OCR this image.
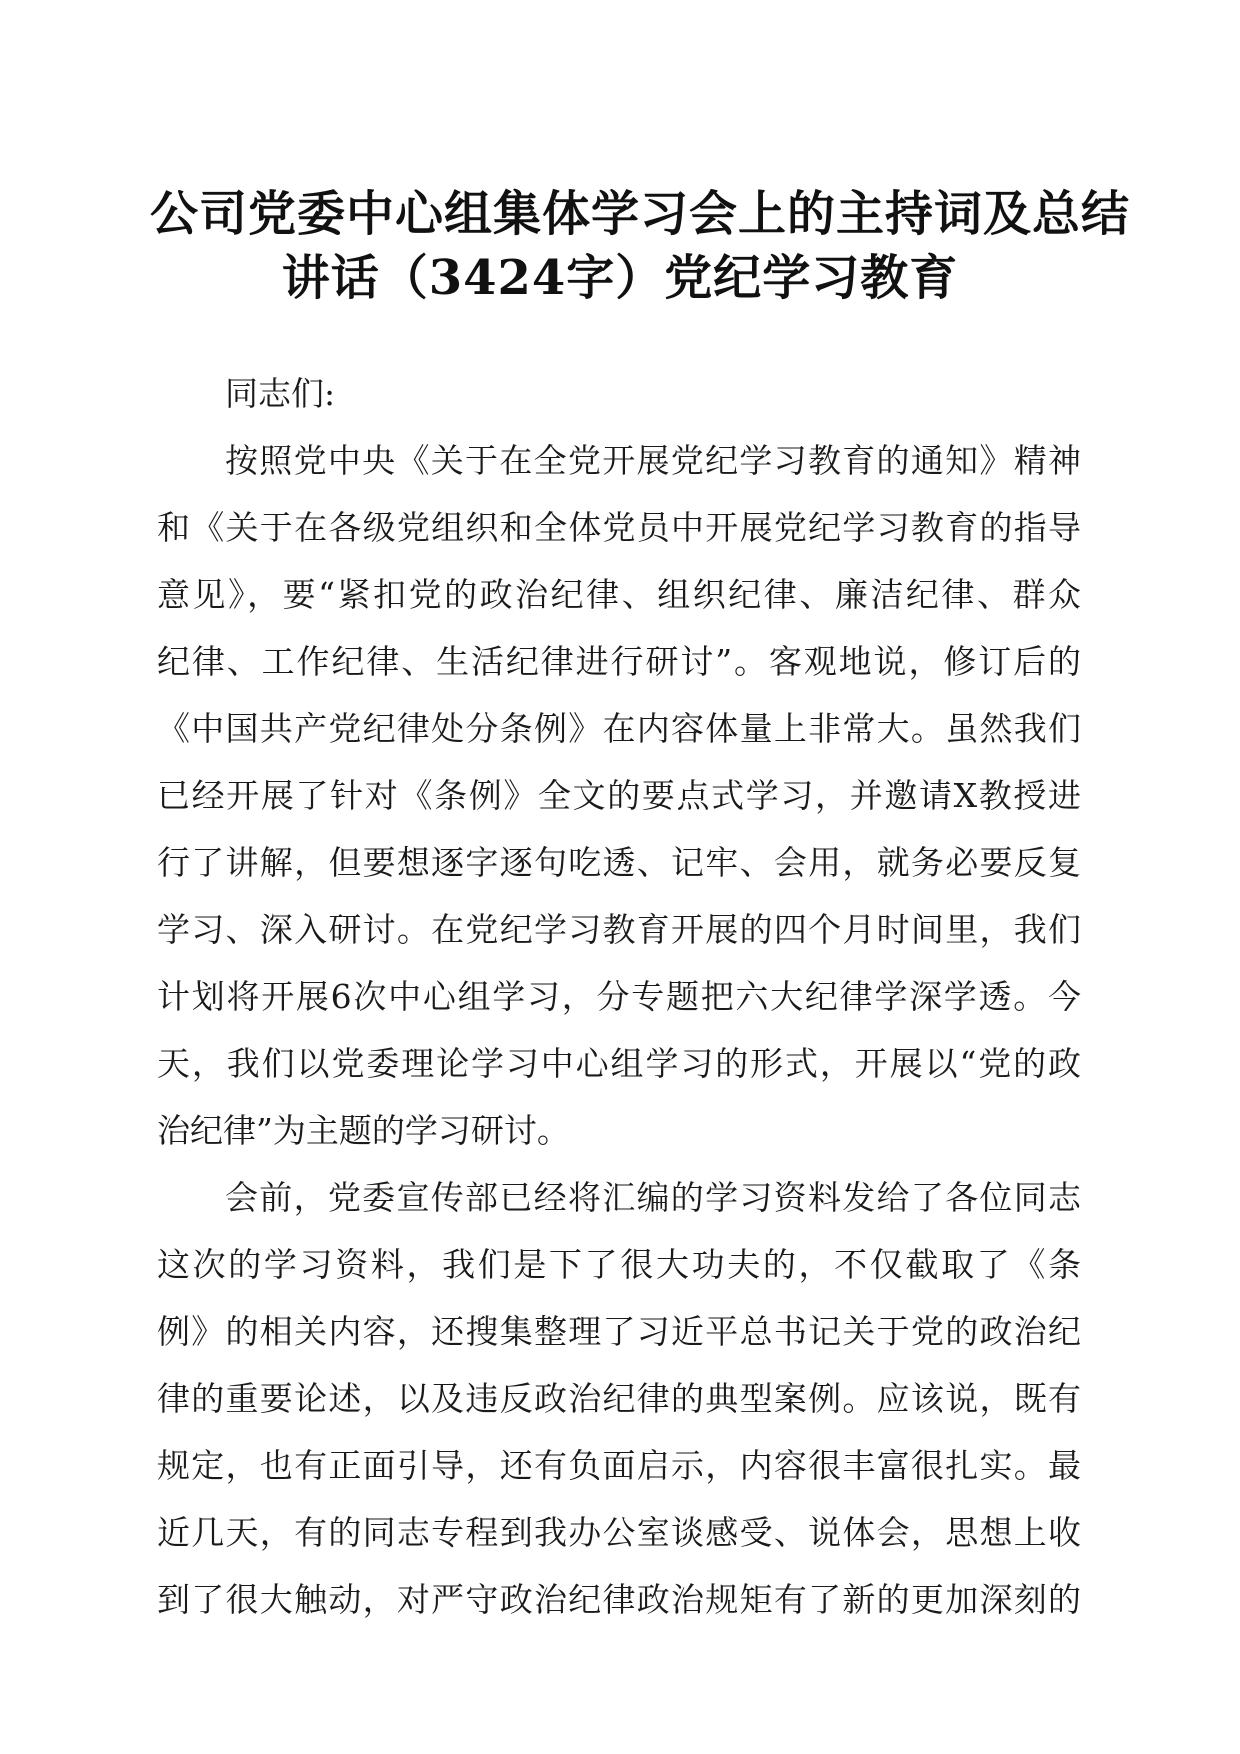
公司党委中心组集体学习会上的主持词及总结
讲话（3424字）党纪学习教育

同志们:

按照党中央《关于在全党开展党纪学习教育的通知》精神
和《关于在各级党组织和全体党员中开展党纪学习教育的指导
意见》，要“紧扣党的政治纪律、组织纪律、廉洁纪律、群众
纪律、工作纪律、生活纪律进行研讨”。客观地说，修订后的
《中国共产党纪律处分条例》在内容体量上非常大。虽然我们
已经开展了针对《条例》全文的要点式学习，并邀请X教授进
行了讲解，但要想逐字逐句吃透、记牢、会用，就务必要反复
学习、深入研讨。在党纪学习教育开展的四个月时间里，我们
计划将开展6次中心组学习，分专题把六大纪律学深学透。今
天，我们以党委理论学习中心组学习的形式，开展以“党的政
治纪律”为主题的学习研讨。

会前，党委宣传部已经将汇编的学习资料发给了各位同志
这次的学习资料，我们是下了很大功夫的，不仅截取了《条
例》的相关内容，还搜集整理了习近平总书记关于党的政治纪
律的重要论述，以及违反政治纪律的典型案例。应该说，既有
规定，也有正面引导，还有负面启示，内容很丰富很扎实。最
近几天，有的同志专程到我办公室谈感受、说体会，思想上收
到了很大触动，对严守政治纪律政治规矩有了新的更加深刻的
